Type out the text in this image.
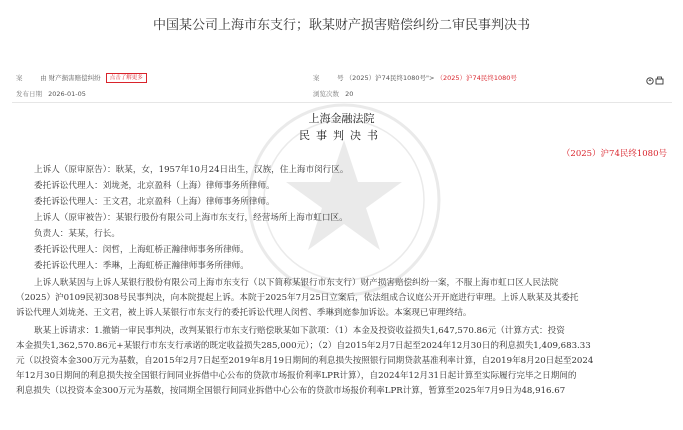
中国某公司上海市东支行；耿某财产损害赔偿纠纷二审民事判决书
案	由 财产损害赔偿纠纷 点击了解更多	案	号 （2025）沪74民终1080号"> （2025）沪74民终1080号
发布日期 2026-01-05	浏览次数 20
上海金融法院
民事判决书
（2025）沪74民终1080号
上诉人（原审原告）：耿某，女，1957年10月24日出生，汉族，住上海市闵行区。
委托诉讼代理人：刘垅尧，北京盈科（上海）律师事务所律师。
委托诉讼代理人：王文君，北京盈科（上海）律师事务所律师。
上诉人（原审被告）：某银行股份有限公司上海市东支行，经营场所上海市虹口区。
负责人：某某，行长。
委托诉讼代理人：闵哲，上海虹桥正瀚律师事务所律师。
委托诉讼代理人：季琳，上海虹桥正瀚律师事务所律师。
上诉人耿某因与上诉人某银行股份有限公司上海市东支行（以下简称某银行市东支行）财产损害赔偿纠纷一案，不服上海市虹口区人民法院
（2025）沪0109民初308号民事判决，向本院提起上诉。本院于2025年7月25日立案后，依法组成合议庭公开开庭进行审理。上诉人耿某及其委托
诉讼代理人刘垅尧、王文君，被上诉人某银行市东支行的委托诉讼代理人闵哲、季琳到庭参加诉讼。本案现已审理终结。
耿某上诉请求：1.撤销一审民事判决，改判某银行市东支行赔偿耿某如下款项：（1）本金及投资收益损失1,647,570.86元（计算方式：投资
本金损失1,362,570.86元+某银行市东支行承诺的既定收益损失285,000元）；（2）自2015年2月7日起至2024年12月30日的利息损失1,409,683.33
元（以投资本金300万元为基数，自2015年2月7日起至2019年8月19日期间的利息损失按照银行同期贷款基准利率计算，自2019年8月20日起至2024
年12月30日期间的利息损失按全国银行间同业拆借中心公布的贷款市场报价利率LPR计算），自2024年12月31日起计算至实际履行完毕之日期间的
利息损失（以投资本金300万元为基数，按同期全国银行间同业拆借中心公布的贷款市场报价利率LPR计算，暂算至2025年7月9日为48,916.67
